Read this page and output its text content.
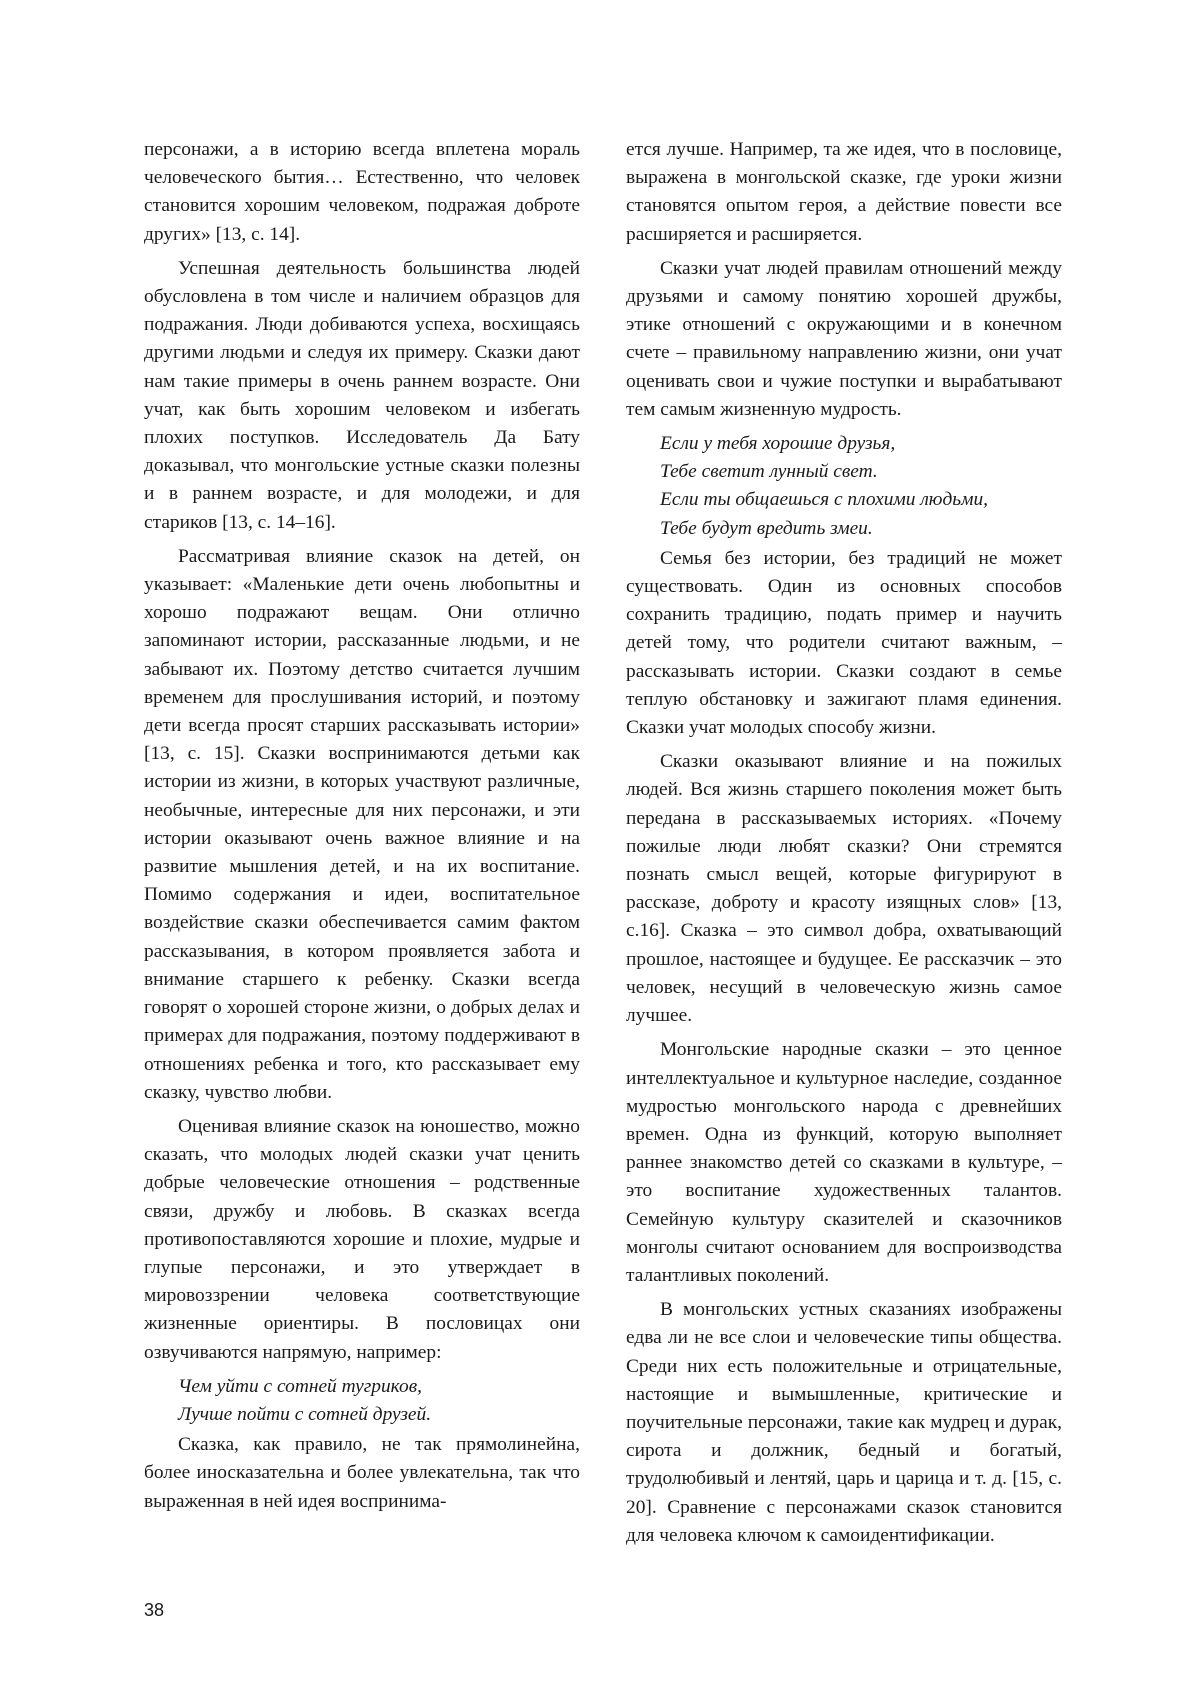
персонажи, а в историю всегда вплетена мораль человеческого бытия… Естественно, что человек становится хорошим человеком, подражая доброте других» [13, с. 14].

Успешная деятельность большинства людей обусловлена в том числе и наличием образцов для подражания. Люди добиваются успеха, восхищаясь другими людьми и следуя их примеру. Сказки дают нам такие примеры в очень раннем возрасте. Они учат, как быть хорошим человеком и избегать плохих поступков. Исследователь Да Бату доказывал, что монгольские устные сказки полезны и в раннем возрасте, и для молодежи, и для стариков [13, с. 14–16].

Рассматривая влияние сказок на детей, он указывает: «Маленькие дети очень любопытны и хорошо подражают вещам. Они отлично запоминают истории, рассказанные людьми, и не забывают их. Поэтому детство считается лучшим временем для прослушивания историй, и поэтому дети всегда просят старших рассказывать истории» [13, с. 15]. Сказки воспринимаются детьми как истории из жизни, в которых участвуют различные, необычные, интересные для них персонажи, и эти истории оказывают очень важное влияние и на развитие мышления детей, и на их воспитание. Помимо содержания и идеи, воспитательное воздействие сказки обеспечивается самим фактом рассказывания, в котором проявляется забота и внимание старшего к ребенку. Сказки всегда говорят о хорошей стороне жизни, о добрых делах и примерах для подражания, поэтому поддерживают в отношениях ребенка и того, кто рассказывает ему сказку, чувство любви.

Оценивая влияние сказок на юношество, можно сказать, что молодых людей сказки учат ценить добрые человеческие отношения – родственные связи, дружбу и любовь. В сказках всегда противопоставляются хорошие и плохие, мудрые и глупые персонажи, и это утверждает в мировоззрении человека соответствующие жизненные ориентиры. В пословицах они озвучиваются напрямую, например:

Чем уйти с сотней тугриков,
Лучше пойти с сотней друзей.

Сказка, как правило, не так прямолинейна, более иносказательна и более увлекательна, так что выраженная в ней идея воспринима-

ется лучше. Например, та же идея, что в пословице, выражена в монгольской сказке, где уроки жизни становятся опытом героя, а действие повести все расширяется и расширяется.

Сказки учат людей правилам отношений между друзьями и самому понятию хорошей дружбы, этике отношений с окружающими и в конечном счете – правильному направлению жизни, они учат оценивать свои и чужие поступки и вырабатывают тем самым жизненную мудрость.

Если у тебя хорошие друзья,
Тебе светит лунный свет.
Если ты общаешься с плохими людьми,
Тебе будут вредить змеи.

Семья без истории, без традиций не может существовать. Один из основных способов сохранить традицию, подать пример и научить детей тому, что родители считают важным, – рассказывать истории. Сказки создают в семье теплую обстановку и зажигают пламя единения. Сказки учат молодых способу жизни.

Сказки оказывают влияние и на пожилых людей. Вся жизнь старшего поколения может быть передана в рассказываемых историях. «Почему пожилые люди любят сказки? Они стремятся познать смысл вещей, которые фигурируют в рассказе, доброту и красоту изящных слов» [13, с.16]. Сказка – это символ добра, охватывающий прошлое, настоящее и будущее. Ее рассказчик – это человек, несущий в человеческую жизнь самое лучшее.

Монгольские народные сказки – это ценное интеллектуальное и культурное наследие, созданное мудростью монгольского народа с древнейших времен. Одна из функций, которую выполняет раннее знакомство детей со сказками в культуре, – это воспитание художественных талантов. Семейную культуру сказителей и сказочников монголы считают основанием для воспроизводства талантливых поколений.

В монгольских устных сказаниях изображены едва ли не все слои и человеческие типы общества. Среди них есть положительные и отрицательные, настоящие и вымышленные, критические и поучительные персонажи, такие как мудрец и дурак, сирота и должник, бедный и богатый, трудолюбивый и лентяй, царь и царица и т. д. [15, с. 20]. Сравнение с персонажами сказок становится для человека ключом к самоидентификации.

38
